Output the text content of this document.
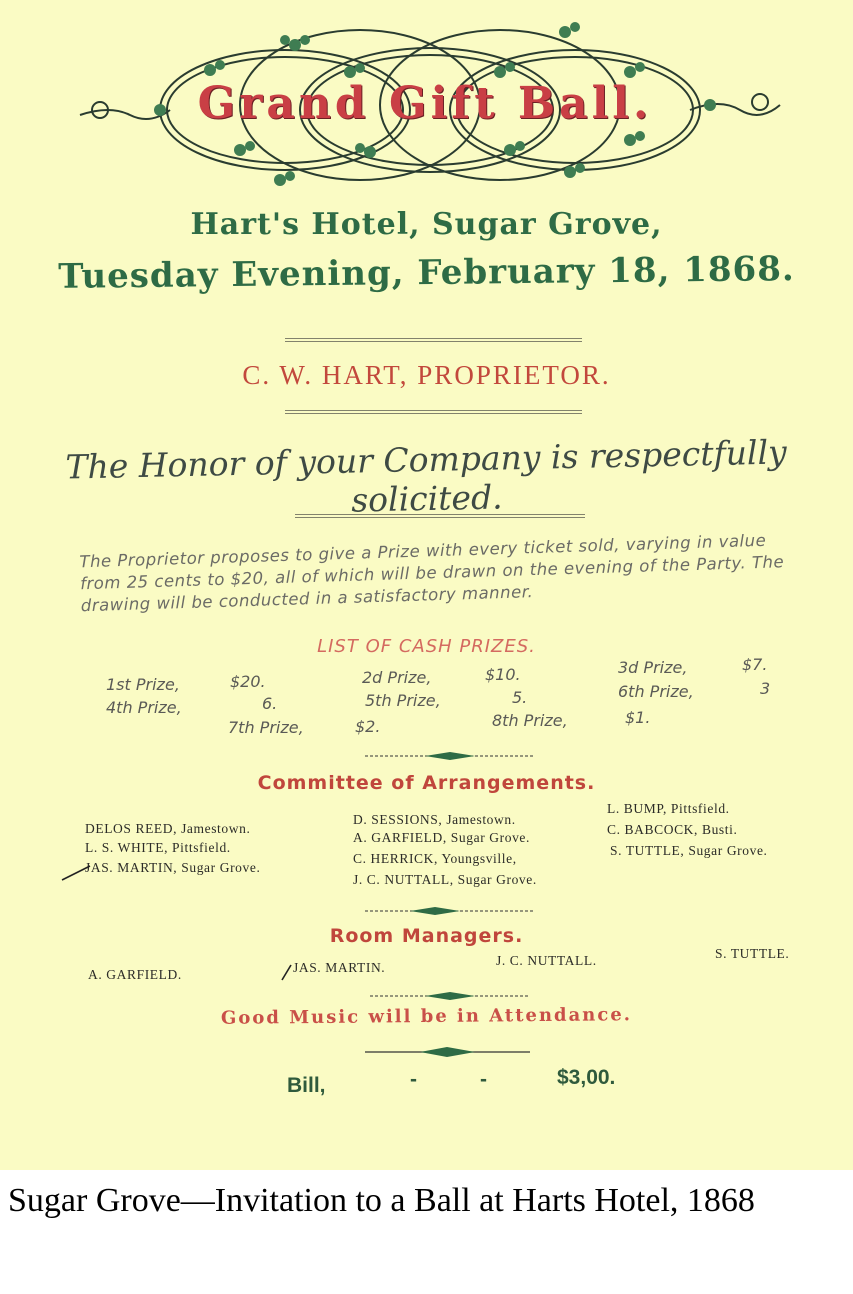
Grand Gift Ball.
Hart's Hotel, Sugar Grove,
Tuesday Evening, February 18, 1868.
C. W. HART, PROPRIETOR.
The Honor of your Company is respectfully solicited.
The Proprietor proposes to give a Prize with every ticket sold, varying in value from 25 cents to $20, all of which will be drawn on the evening of the Party. The drawing will be conducted in a satisfactory manner.
LIST OF CASH PRIZES.
1st Prize,	$20.	2d Prize,	$10.	3d Prize,	$7.
4th Prize,	6.	5th Prize,	5.	6th Prize,	3
7th Prize,	$2.	8th Prize,	$1.
Committee of Arrangements.
DELOS REED, Jamestown.
L. S. WHITE, Pittsfield.
JAS. MARTIN, Sugar Grove.
D. SESSIONS, Jamestown.
A. GARFIELD, Sugar Grove.
C. HERRICK, Youngsville,
J. C. NUTTALL, Sugar Grove.
L. BUMP, Pittsfield.
C. BABCOCK, Busti.
S. TUTTLE, Sugar Grove.
Room Managers.
A. GARFIELD.	JAS. MARTIN.	J. C. NUTTALL.	S. TUTTLE.
Good Music will be in Attendance.
Bill,	-	-	$3,00.
Sugar Grove—Invitation to a Ball at Harts Hotel, 1868
